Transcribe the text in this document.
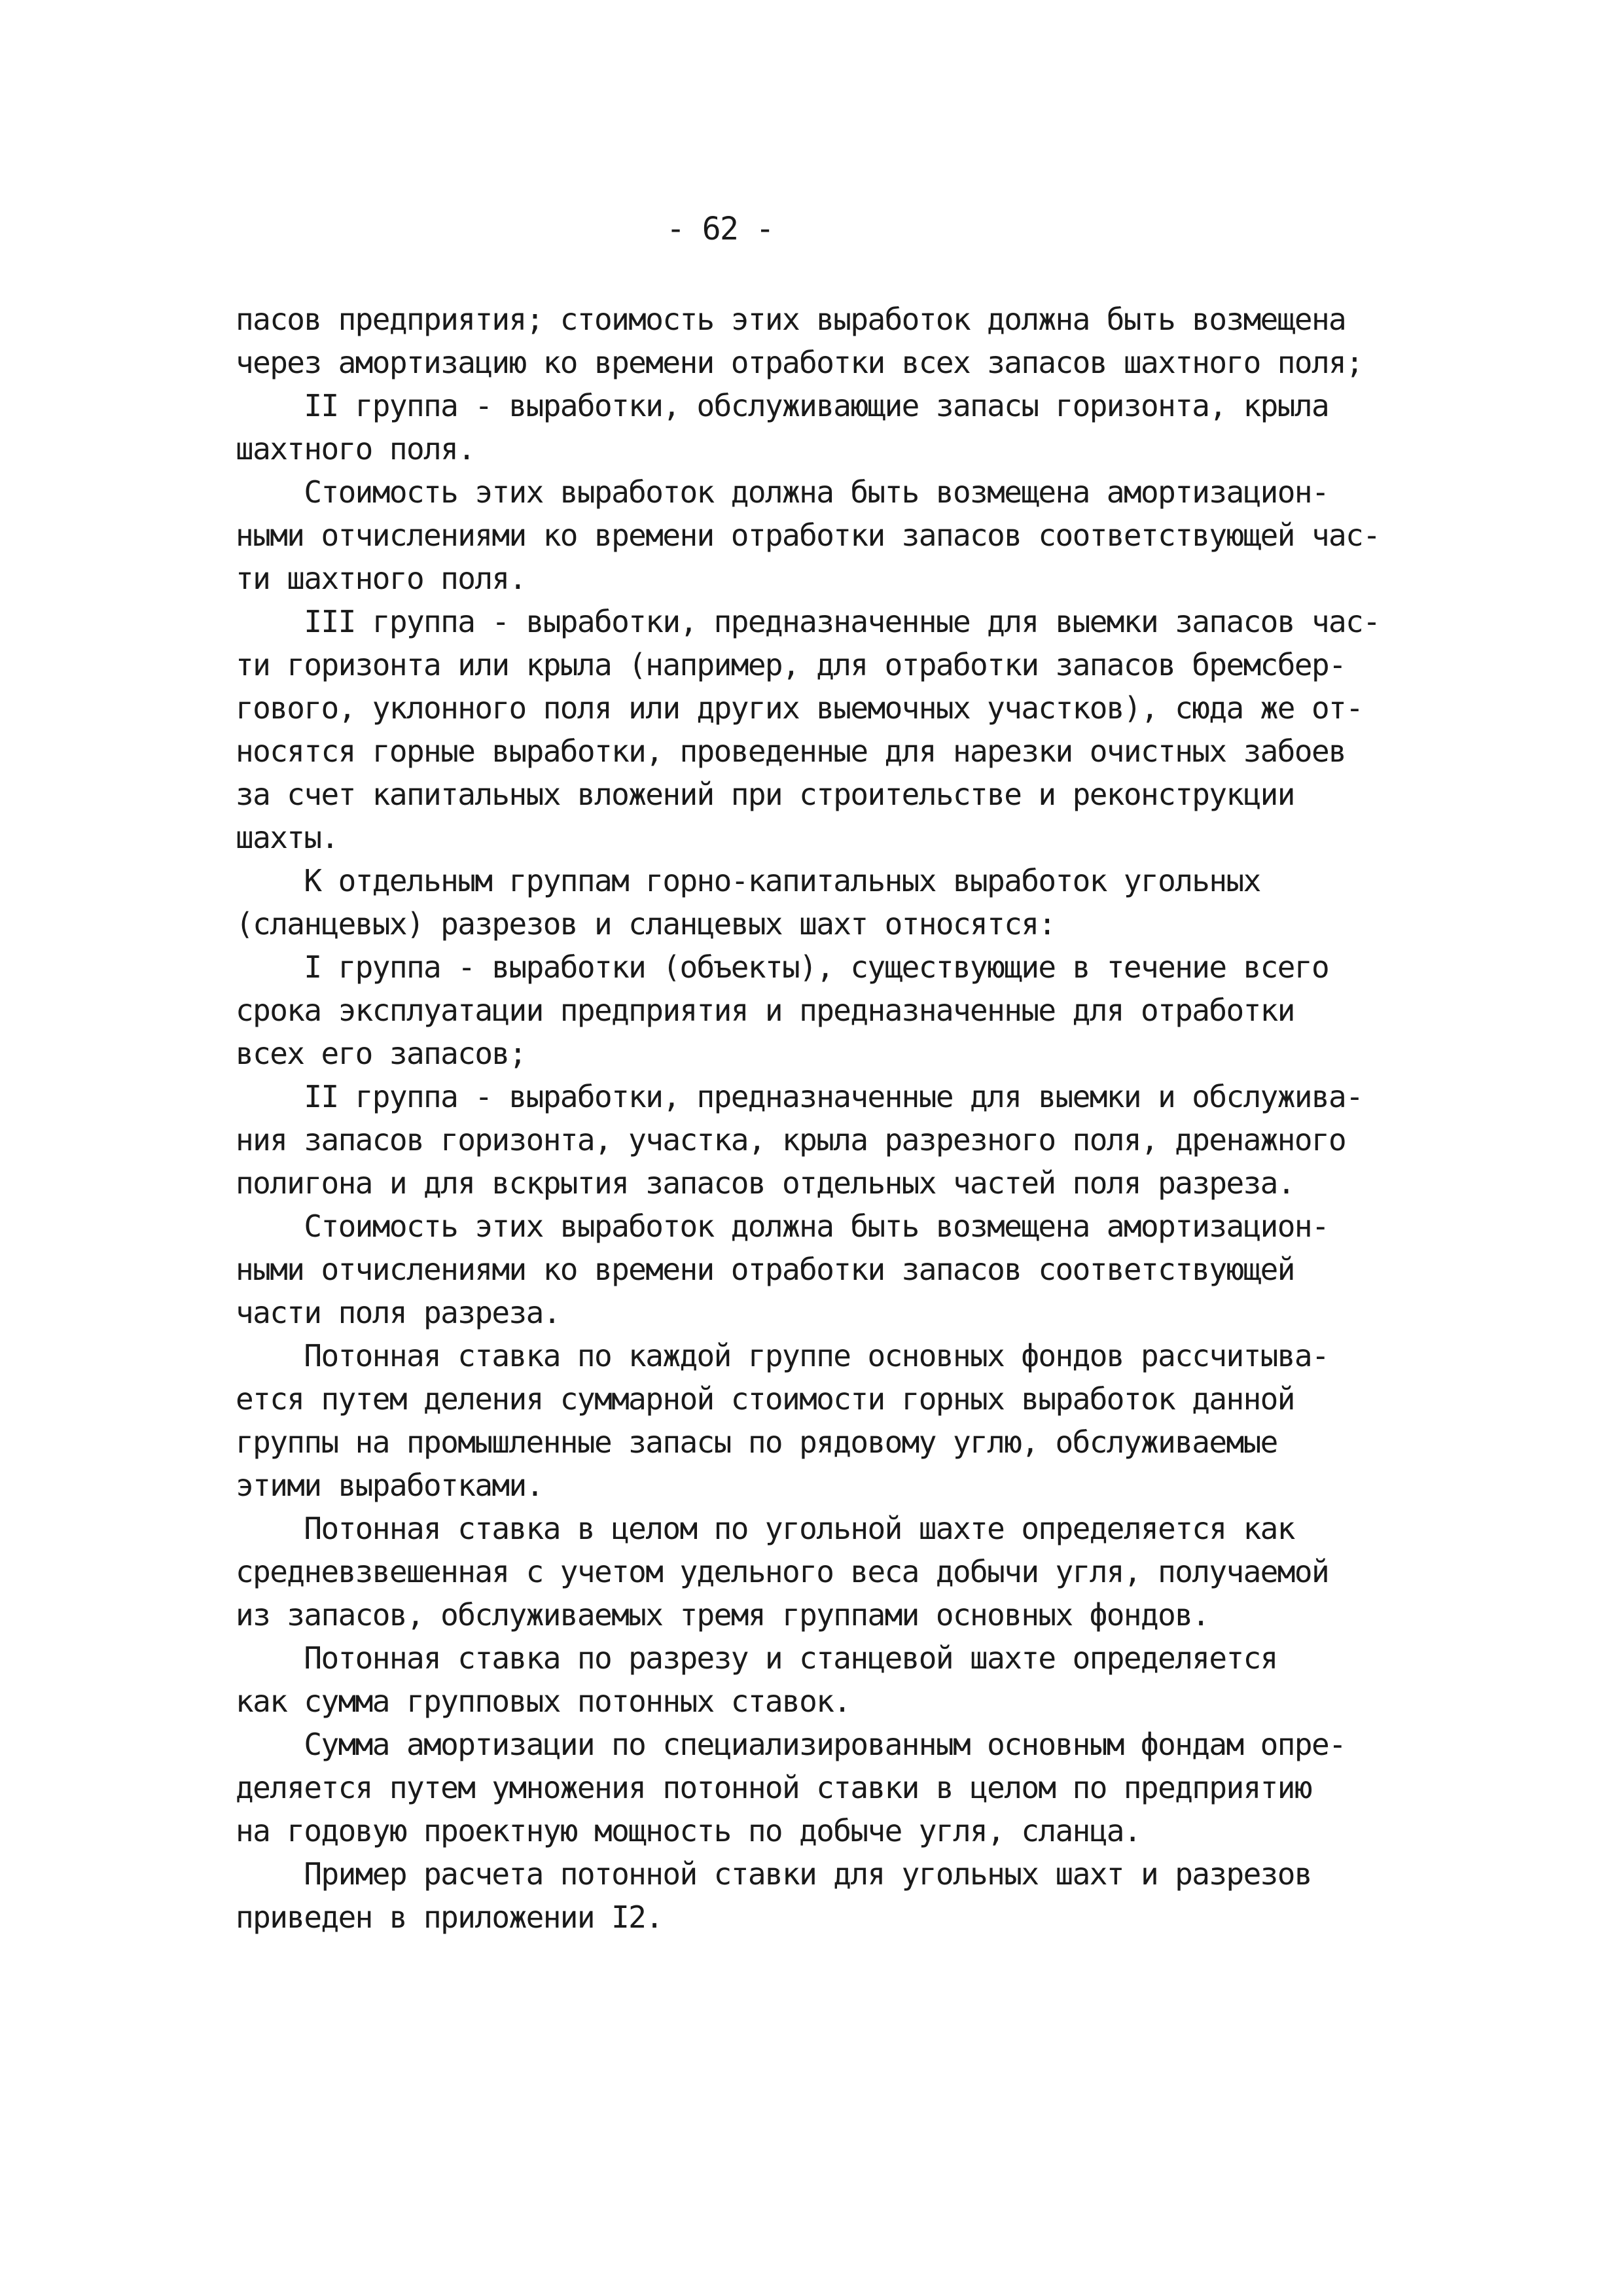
- 62 -
пасов предприятия; стоимость этих выработок должна быть возмещена
через амортизацию ко времени отработки всех запасов шахтного поля;
II группа - выработки, обслуживающие запасы горизонта, крыла
шахтного поля.
Стоимость этих выработок должна быть возмещена амортизацион-
ными отчислениями ко времени отработки запасов соответствующей час-
ти шахтного поля.
III группа - выработки, предназначенные для выемки запасов час-
ти горизонта или крыла (например, для отработки запасов бремсбер-
гового, уклонного поля или других выемочных участков), сюда же от-
носятся горные выработки, проведенные для нарезки очистных забоев
за счет капитальных вложений при строительстве и реконструкции
шахты.
К отдельным группам горно-капитальных выработок угольных
(сланцевых) разрезов и сланцевых шахт относятся:
I группа - выработки (объекты), существующие в течение всего
срока эксплуатации предприятия и предназначенные для отработки
всех его запасов;
II группа - выработки, предназначенные для выемки и обслужива-
ния запасов горизонта, участка, крыла разрезного поля, дренажного
полигона и для вскрытия запасов отдельных частей поля разреза.
Стоимость этих выработок должна быть возмещена амортизацион-
ными отчислениями ко времени отработки запасов соответствующей
части поля разреза.
Потонная ставка по каждой группе основных фондов рассчитыва-
ется путем деления суммарной стоимости горных выработок данной
группы на промышленные запасы по рядовому углю, обслуживаемые
этими выработками.
Потонная ставка в целом по угольной шахте определяется как
средневзвешенная с учетом удельного веса добычи угля, получаемой
из запасов, обслуживаемых тремя группами основных фондов.
Потонная ставка по разрезу и станцевой шахте определяется
как сумма групповых потонных ставок.
Сумма амортизации по специализированным основным фондам опре-
деляется путем умножения потонной ставки в целом по предприятию
на годовую проектную мощность по добыче угля, сланца.
Пример расчета потонной ставки для угольных шахт и разрезов
приведен в приложении I2.
